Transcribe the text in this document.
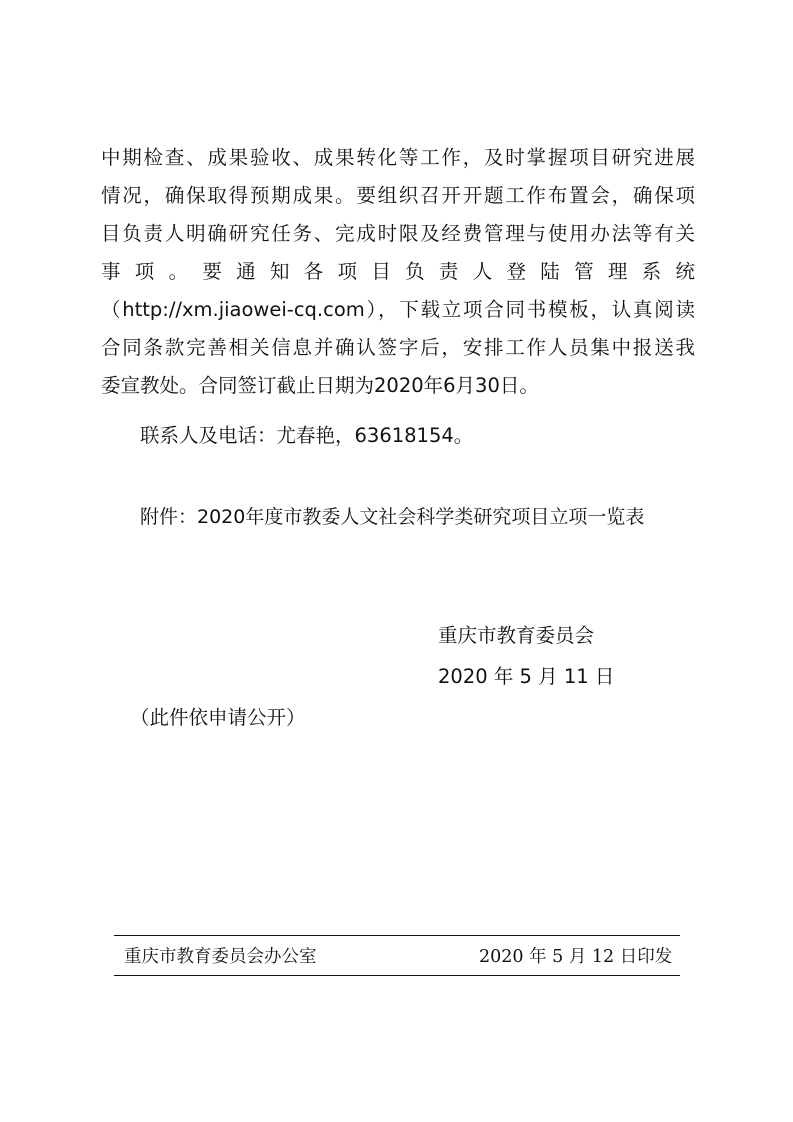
中期检查、成果验收、成果转化等工作，及时掌握项目研究进展
情况，确保取得预期成果。要组织召开开题工作布置会，确保项
目负责人明确研究任务、完成时限及经费管理与使用办法等有关
事项。要通知各项目负责人登陆管理系统
（http://xm.jiaowei-cq.com），下载立项合同书模板，认真阅读
合同条款完善相关信息并确认签字后，安排工作人员集中报送我
委宣教处。合同签订截止日期为2020年6月30日。
联系人及电话：尤春艳，63618154。
附件：2020年度市教委人文社会科学类研究项目立项一览表
重庆市教育委员会
2020 年 5 月 11 日
（此件依申请公开）
重庆市教育委员会办公室	2020 年 5 月 12 日印发
